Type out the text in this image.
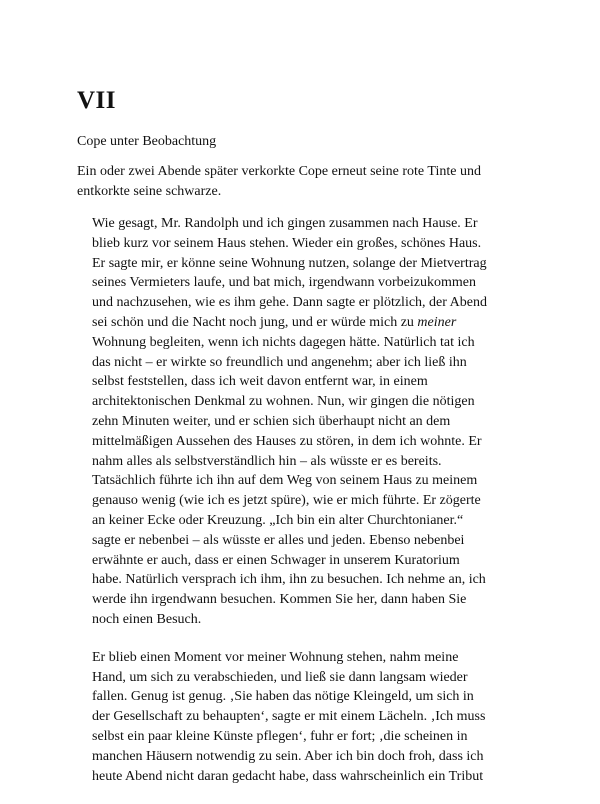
VII
Cope unter Beobachtung

Ein oder zwei Abende später verkorkte Cope erneut seine rote Tinte und
entkorkte seine schwarze.

Wie gesagt, Mr. Randolph und ich gingen zusammen nach Hause. Er
blieb kurz vor seinem Haus stehen. Wieder ein großes, schönes Haus.
Er sagte mir, er könne seine Wohnung nutzen, solange der Mietvertrag
seines Vermieters laufe, und bat mich, irgendwann vorbeizukommen
und nachzusehen, wie es ihm gehe. Dann sagte er plötzlich, der Abend
sei schön und die Nacht noch jung, und er würde mich zu meiner
Wohnung begleiten, wenn ich nichts dagegen hätte. Natürlich tat ich
das nicht – er wirkte so freundlich und angenehm; aber ich ließ ihn
selbst feststellen, dass ich weit davon entfernt war, in einem
architektonischen Denkmal zu wohnen. Nun, wir gingen die nötigen
zehn Minuten weiter, und er schien sich überhaupt nicht an dem
mittelmäßigen Aussehen des Hauses zu stören, in dem ich wohnte. Er
nahm alles als selbstverständlich hin – als wüsste er es bereits.
Tatsächlich führte ich ihn auf dem Weg von seinem Haus zu meinem
genauso wenig (wie ich es jetzt spüre), wie er mich führte. Er zögerte
an keiner Ecke oder Kreuzung. „Ich bin ein alter Churchtonianer.“
sagte er nebenbei – als wüsste er alles und jeden. Ebenso nebenbei
erwähnte er auch, dass er einen Schwager in unserem Kuratorium
habe. Natürlich versprach ich ihm, ihn zu besuchen. Ich nehme an, ich
werde ihn irgendwann besuchen. Kommen Sie her, dann haben Sie
noch einen Besuch.

Er blieb einen Moment vor meiner Wohnung stehen, nahm meine
Hand, um sich zu verabschieden, und ließ sie dann langsam wieder
fallen. Genug ist genug. ‚Sie haben das nötige Kleingeld, um sich in
der Gesellschaft zu behaupten‘, sagte er mit einem Lächeln. ‚Ich muss
selbst ein paar kleine Künste pflegen‘, fuhr er fort; ‚die scheinen in
manchen Häusern notwendig zu sein. Aber ich bin doch froh, dass ich
heute Abend nicht daran gedacht habe, dass wahrscheinlich ein Tribut
